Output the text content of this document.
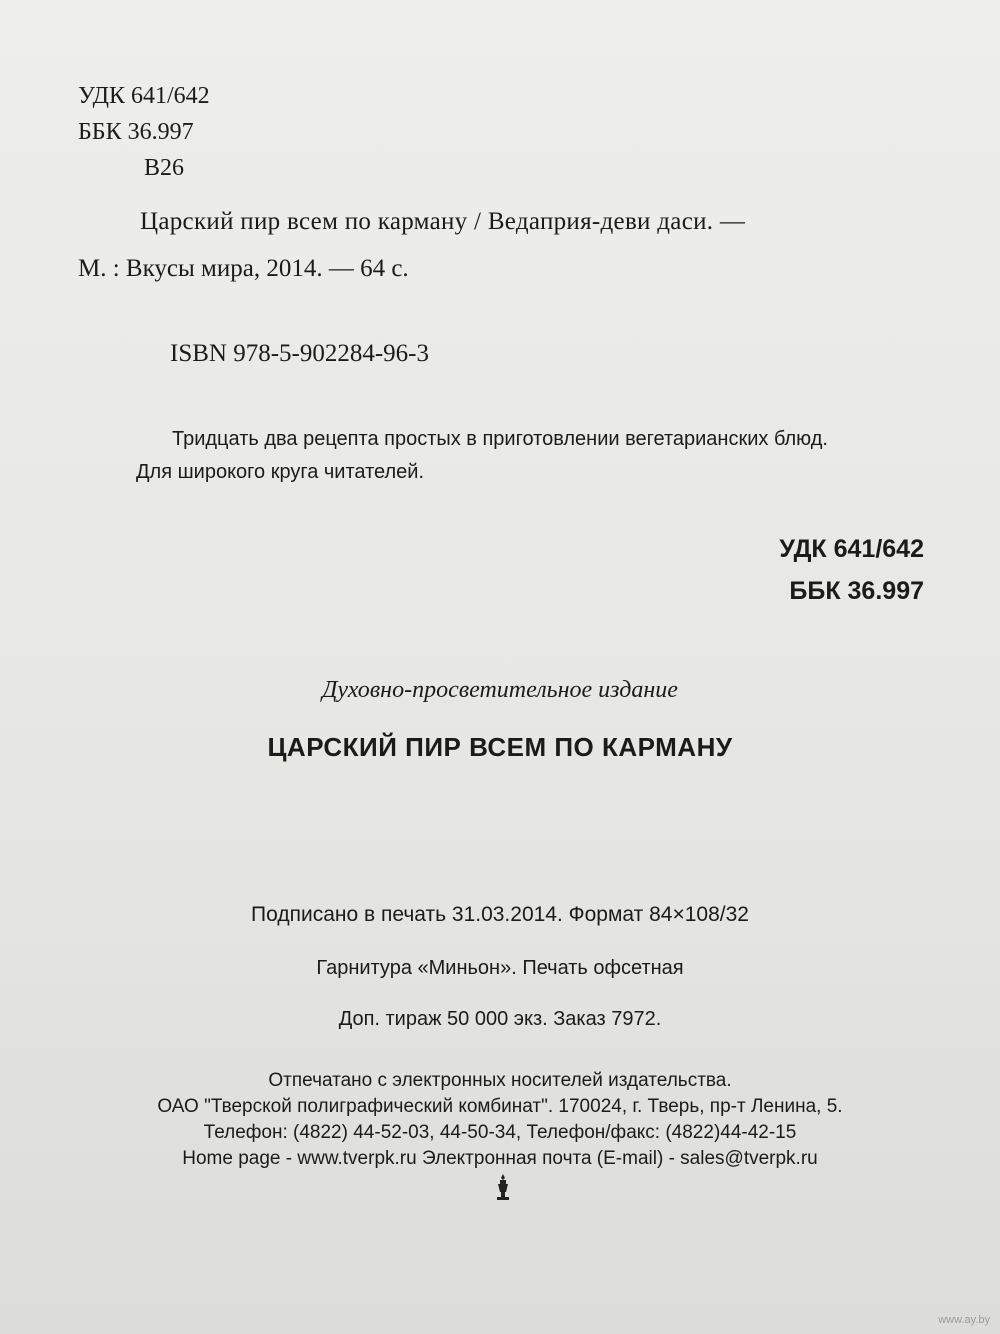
УДК 641/642
ББК 36.997
В26
Царский пир всем по карману / Ведаприя-деви даси. —
М. : Вкусы мира, 2014. — 64 с.
ISBN 978-5-902284-96-3
Тридцать два рецепта простых в приготовлении вегетарианских блюд.
Для широкого круга читателей.
УДК 641/642
ББК 36.997
Духовно-просветительное издание
ЦАРСКИЙ ПИР ВСЕМ ПО КАРМАНУ
Подписано в печать 31.03.2014. Формат 84×108/32
Гарнитура «Миньон». Печать офсетная
Доп. тираж 50 000 экз. Заказ 7972.
Отпечатано с электронных носителей издательства.
ОАО "Тверской полиграфический комбинат". 170024, г. Тверь, пр-т Ленина, 5.
Телефон: (4822) 44-52-03, 44-50-34, Телефон/факс: (4822)44-42-15
Home page - www.tverpk.ru Электронная почта (E-mail) - sales@tverpk.ru
www.ay.by
